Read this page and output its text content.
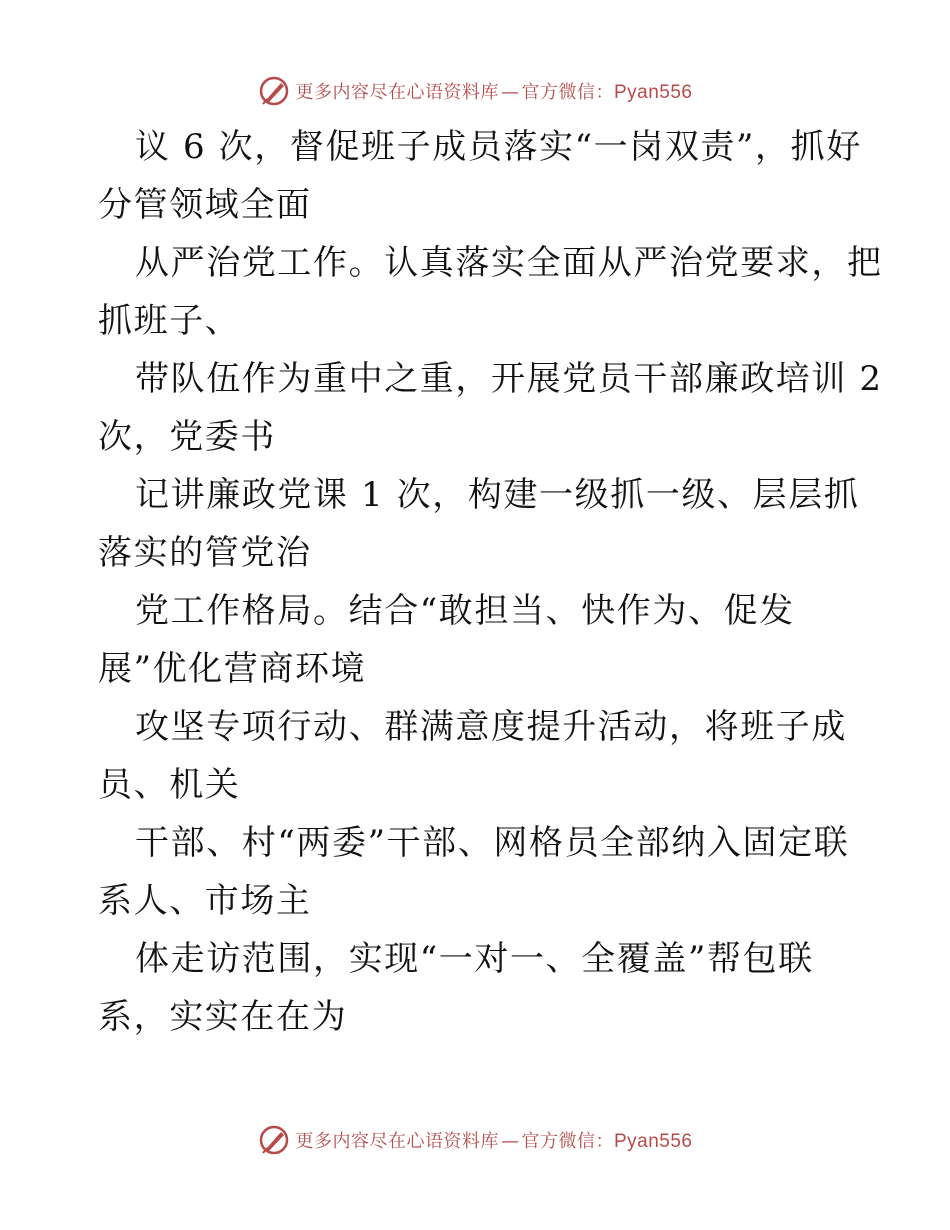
更多内容尽在心语资料库 — 官方微信：Pyan556

议 6 次，督促班子成员落实“一岗双责”，抓好
分管领域全面

从严治党工作。认真落实全面从严治党要求，把
抓班子、

带队伍作为重中之重，开展党员干部廉政培训 2
次，党委书

记讲廉政党课 1 次，构建一级抓一级、层层抓
落实的管党治

党工作格局。结合“敢担当、快作为、促发
展”优化营商环境

攻坚专项行动、群满意度提升活动，将班子成
员、机关

干部、村“两委”干部、网格员全部纳入固定联
系人、市场主

体走访范围，实现“一对一、全覆盖”帮包联
系，实实在在为

更多内容尽在心语资料库 — 官方微信：Pyan556
